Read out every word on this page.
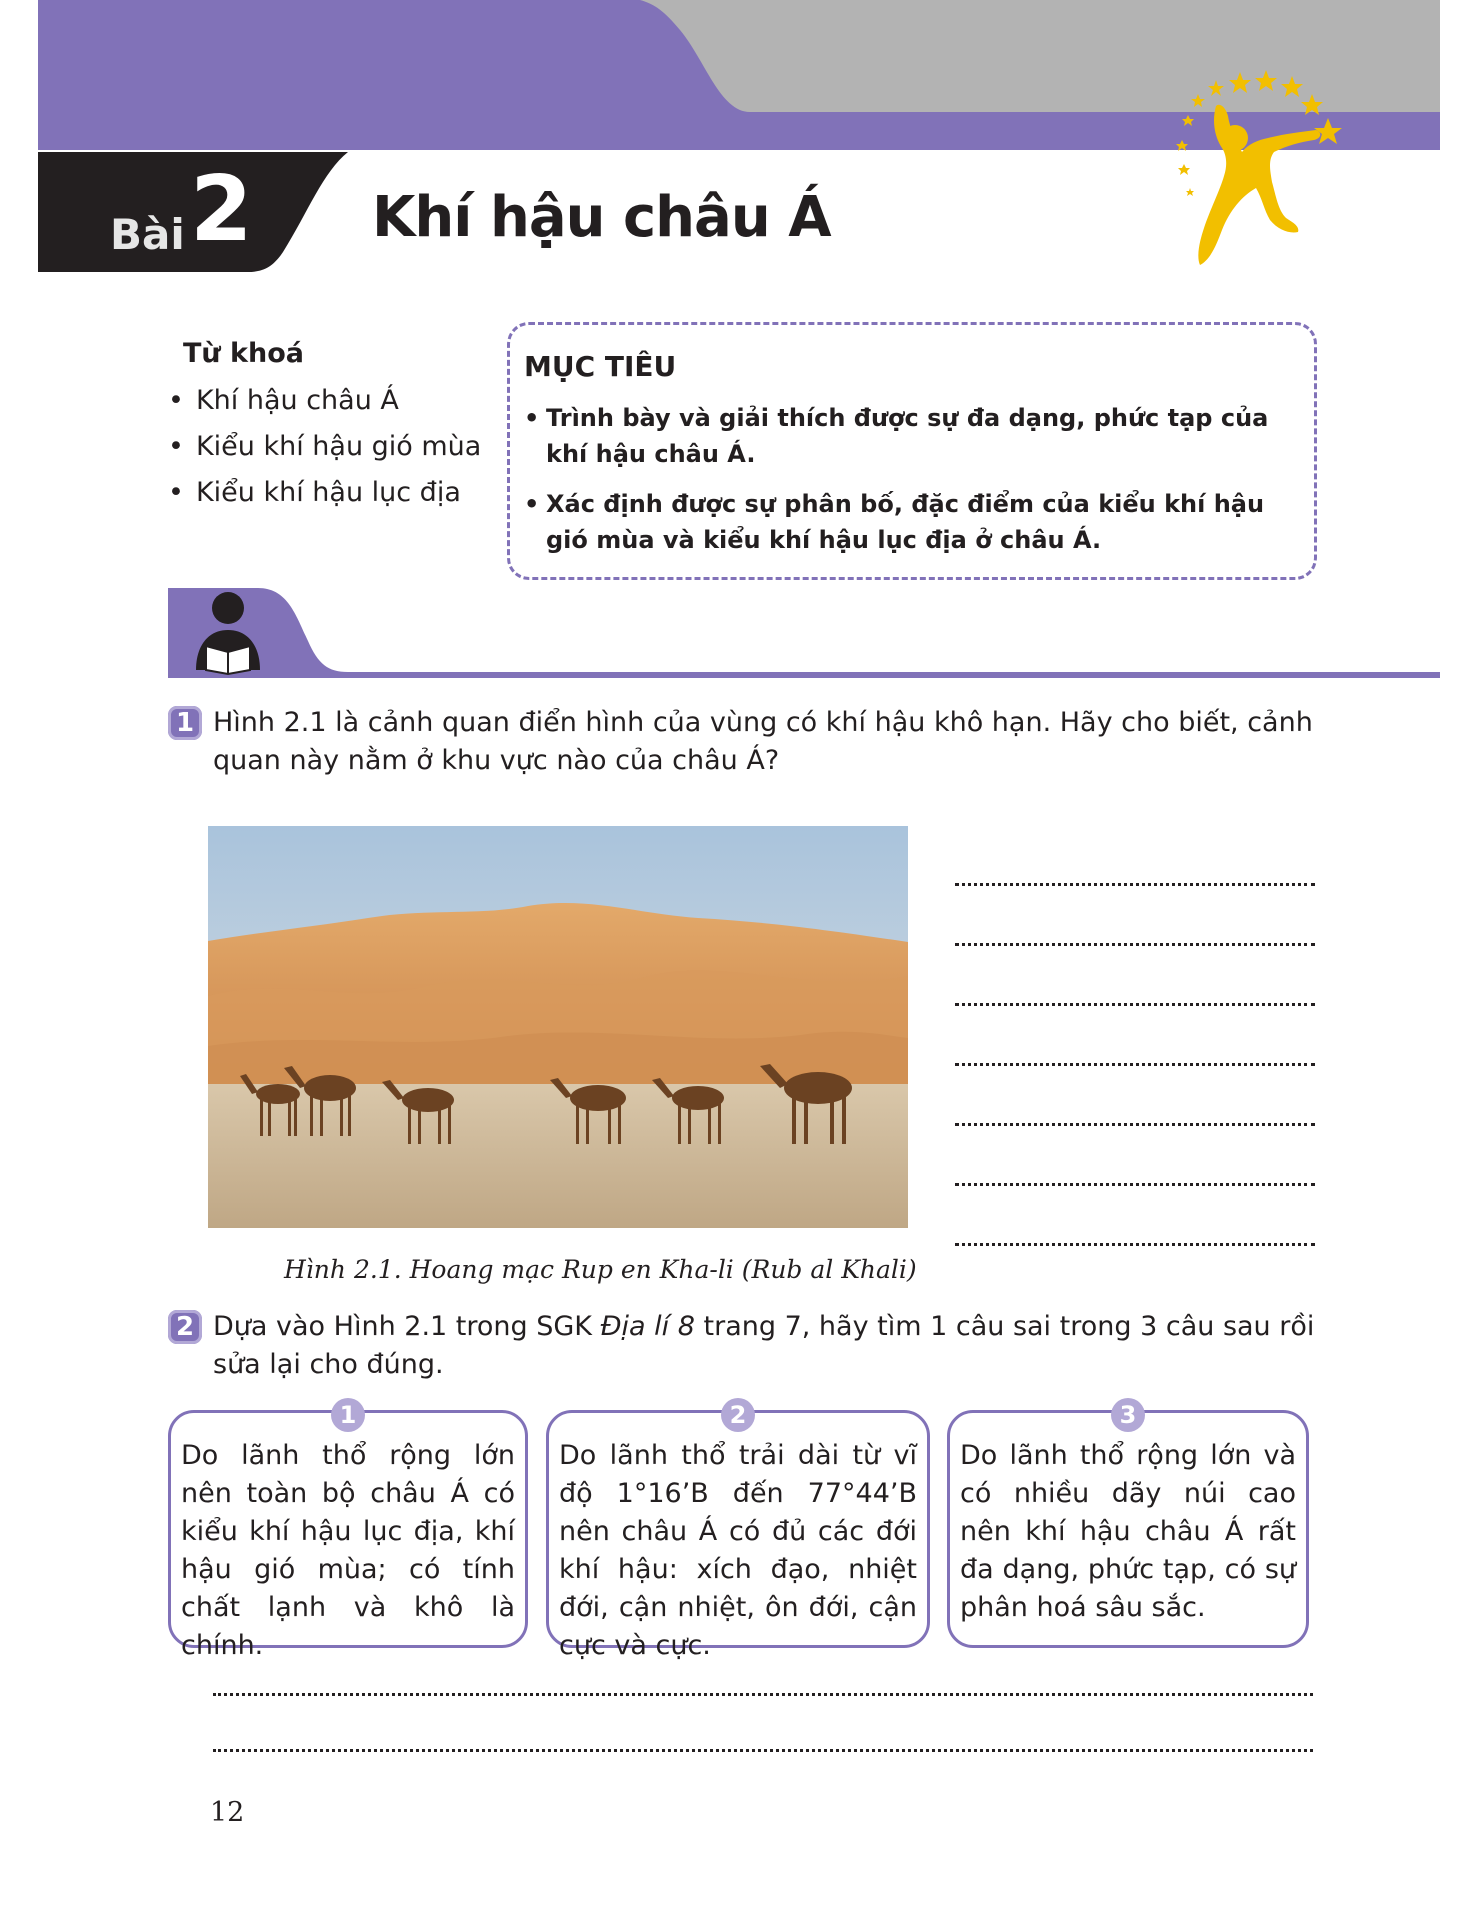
Bài 2 Khí hậu châu Á
Từ khoá
• Khí hậu châu Á
• Kiểu khí hậu gió mùa
• Kiểu khí hậu lục địa
MỤC TIÊU
• Trình bày và giải thích được sự đa dạng, phức tạp của khí hậu châu Á.
• Xác định được sự phân bố, đặc điểm của kiểu khí hậu gió mùa và kiểu khí hậu lục địa ở châu Á.
1 Hình 2.1 là cảnh quan điển hình của vùng có khí hậu khô hạn. Hãy cho biết, cảnh quan này nằm ở khu vực nào của châu Á?
Hình 2.1. Hoang mạc Rup en Kha-li (Rub al Khali)
2 Dựa vào Hình 2.1 trong SGK Địa lí 8 trang 7, hãy tìm 1 câu sai trong 3 câu sau rồi sửa lại cho đúng.
Do lãnh thổ rộng lớn nên toàn bộ châu Á có kiểu khí hậu lục địa, khí hậu gió mùa; có tính chất lạnh và khô là chính.
1
Do lãnh thổ trải dài từ vĩ độ 1°16’B đến 77°44’B nên châu Á có đủ các đới khí hậu: xích đạo, nhiệt đới, cận nhiệt, ôn đới, cận cực và cực.
2
Do lãnh thổ rộng lớn và có nhiều dãy núi cao nên khí hậu châu Á rất đa dạng, phức tạp, có sự phân hoá sâu sắc.
3
12
